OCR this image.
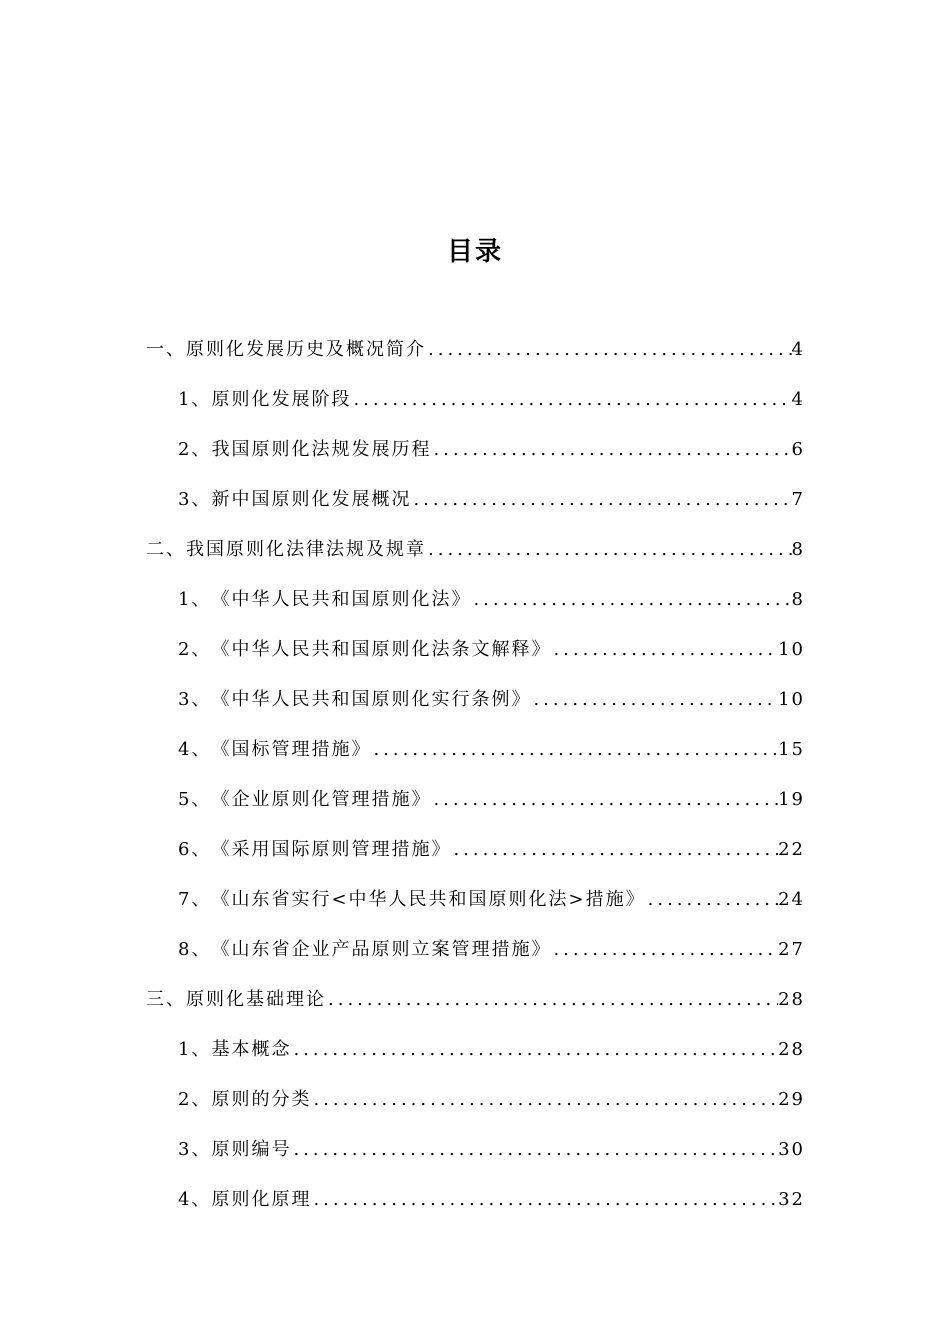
目录
一、 原则化发展历史及概况简介 .....	4
1、 原则化发展阶段 .....	4
2、 我国原则化法规发展历程 .....	6
3、 新中国原则化发展概况 .....	7
二、 我国原则化法律法规及规章 .....	8
1、 《中华人民共和国原则化法》 .....	8
2、 《中华人民共和国原则化法条文解释》 .....	10
3、 《中华人民共和国原则化实行条例》 .....	10
4、 《国标管理措施》 .....	15
5、 《企业原则化管理措施》 .....	19
6、 《采用国际原则管理措施》 .....	22
7、 《山东省实行<中华人民共和国原则化法>措施》 .....	24
8、 《山东省企业产品原则立案管理措施》 .....	27
三、 原则化基础理论 .....	28
1、 基本概念 .....	28
2、 原则的分类 .....	29
3、 原则编号 .....	30
4、 原则化原理 .....	32
